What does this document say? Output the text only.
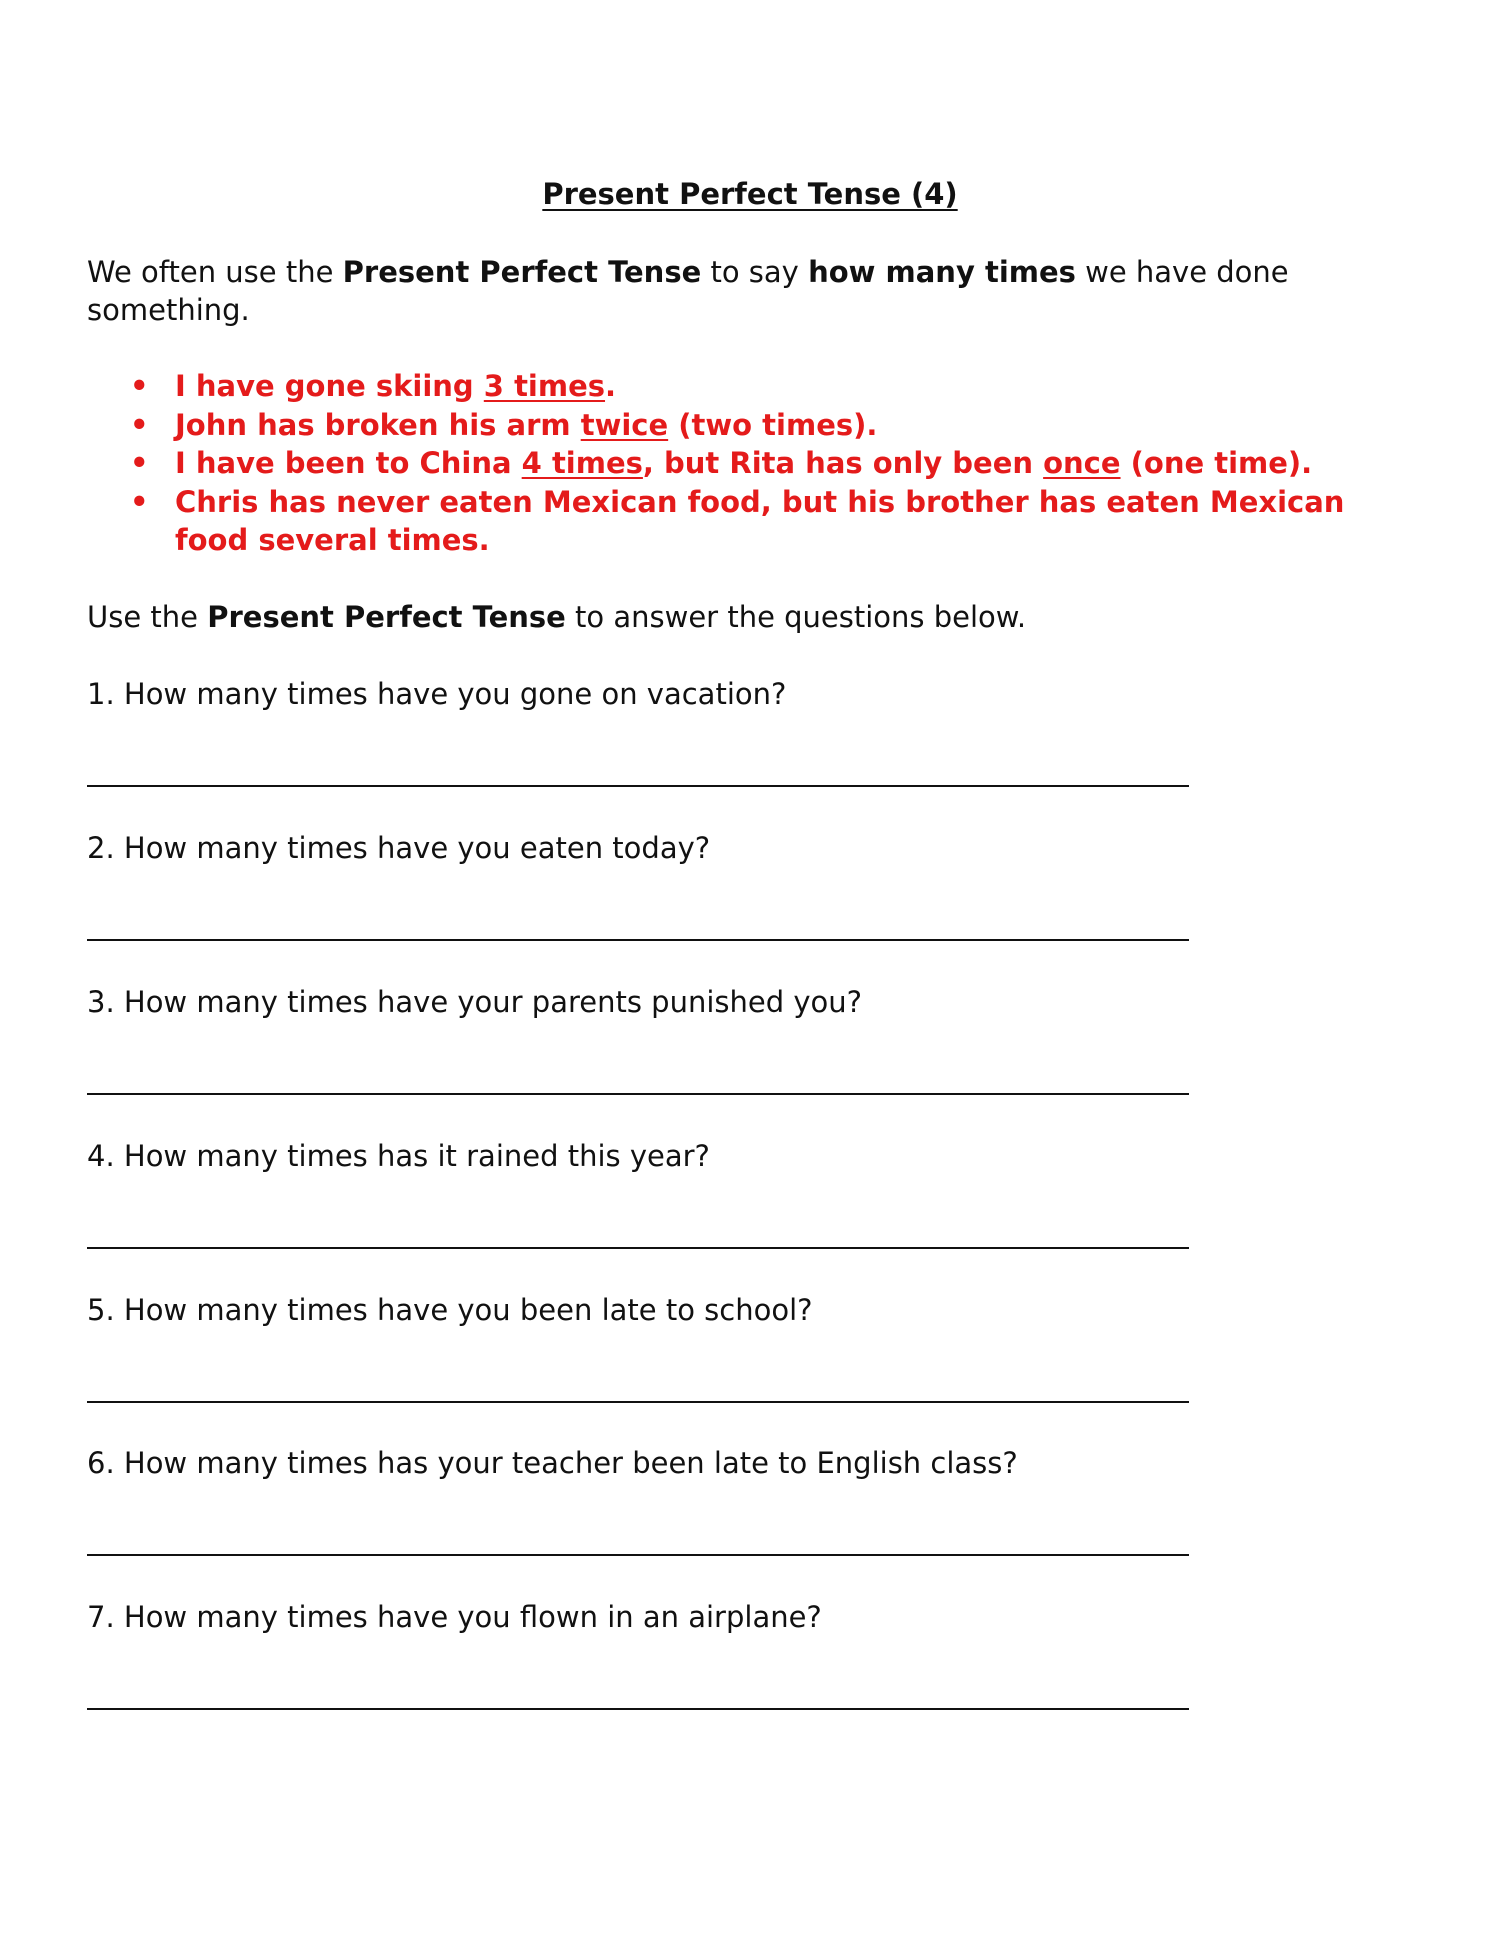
Present Perfect Tense (4)
We often use the Present Perfect Tense to say how many times we have done something.
• I have gone skiing 3 times.
• John has broken his arm twice (two times).
• I have been to China 4 times, but Rita has only been once (one time).
• Chris has never eaten Mexican food, but his brother has eaten Mexican food several times.
Use the Present Perfect Tense to answer the questions below.
1. How many times have you gone on vacation?
2. How many times have you eaten today?
3. How many times have your parents punished you?
4. How many times has it rained this year?
5. How many times have you been late to school?
6. How many times has your teacher been late to English class?
7. How many times have you flown in an airplane?
